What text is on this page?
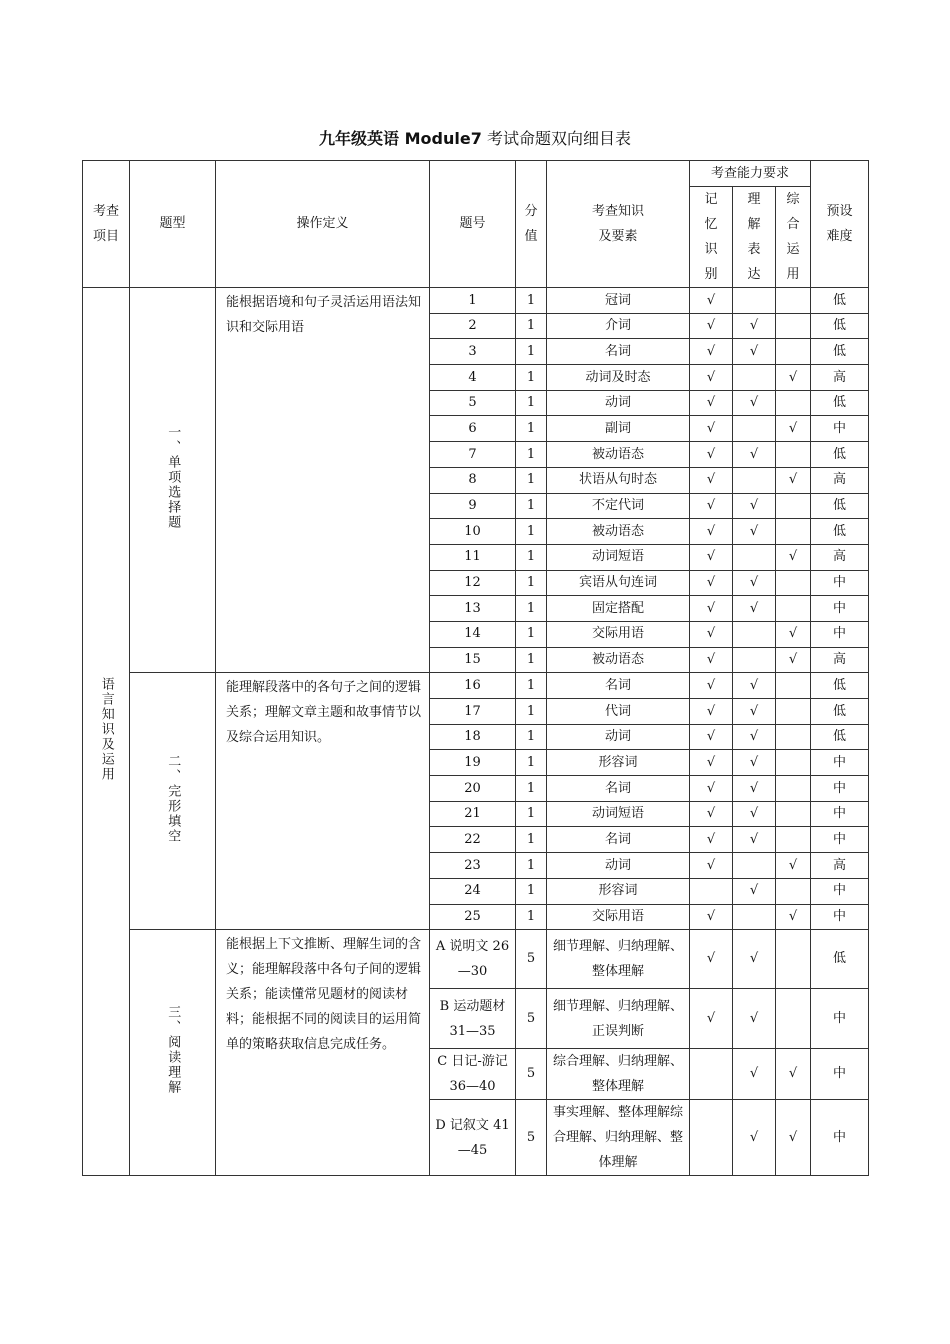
九年级英语 Module7 考试命题双向细目表
考查项目	题型	操作定义	题号	分值	考查知识及要素	考查能力要求			预设难度

						记忆识别	理解表达	综合运用	

语言知识及运用	一、单项选择题	能根据语境和句子灵活运用语法知识和交际用语	1	1	冠词	√			低
			2	1	介词	√	√		低
			3	1	名词	√	√		低
			4	1	动词及时态	√		√	高
			5	1	动词	√	√		低
			6	1	副词	√		√	中
			7	1	被动语态	√	√		低
			8	1	状语从句时态	√		√	高
			9	1	不定代词	√	√		低
			10	1	被动语态	√	√		低
			11	1	动词短语	√		√	高
			12	1	宾语从句连词	√	√		中
			13	1	固定搭配	√	√		中
			14	1	交际用语	√		√	中
			15	1	被动语态	√		√	高
	二、完形填空	能理解段落中的各句子之间的逻辑关系；理解文章主题和故事情节以及综合运用知识。	16	1	名词	√	√		低
			17	1	代词	√	√		低
			18	1	动词	√	√		低
			19	1	形容词	√	√		中
			20	1	名词	√	√		中
			21	1	动词短语	√	√		中
			22	1	名词	√	√		中
			23	1	动词	√		√	高
			24	1	形容词		√		中
			25	1	交际用语	√		√	中
	三、阅读理解	能根据上下文推断、理解生词的含义；能理解段落中各句子间的逻辑关系；能读懂常见题材的阅读材料；能根据不同的阅读目的运用简单的策略获取信息完成任务。	A 说明文 26—30	5	细节理解、归纳理解、整体理解	√	√		低
			B 运动题材 31—35	5	细节理解、归纳理解、正误判断	√	√		中
			C 日记-游记 36—40	5	综合理解、归纳理解、整体理解		√	√	中
			D 记叙文 41—45	5	事实理解、整体理解综合理解、归纳理解、整体理解		√	√	中
